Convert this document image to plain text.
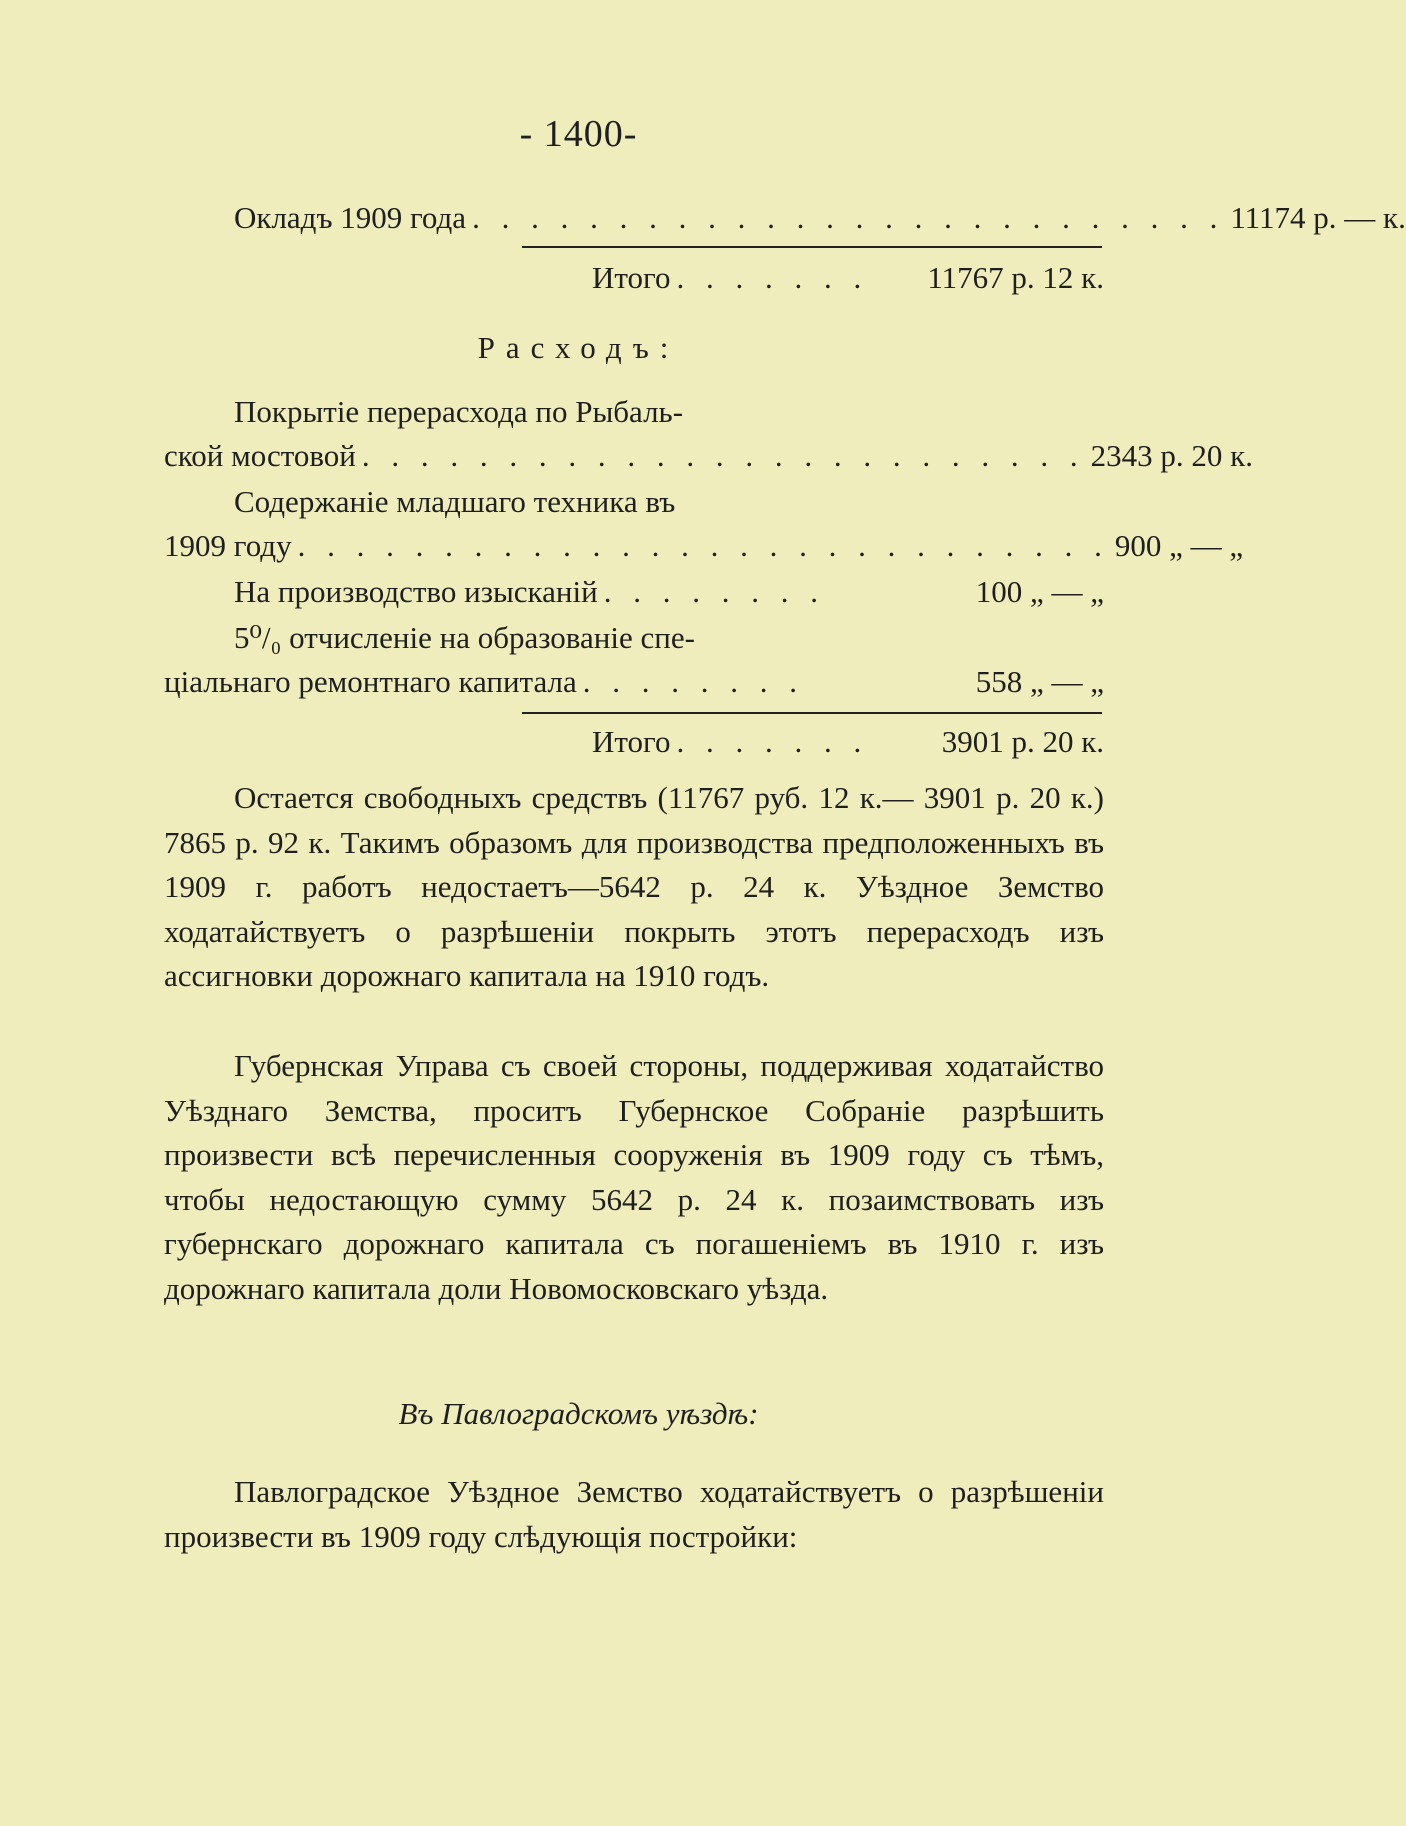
- 1400-
Окладъ 1909 года . . . . . . . . . . . . . . . . . . . . . . . . . . 11174 р. — к.
Итого . . . . . . .	11767 р. 12 к.
Расходъ:
Покрытіе перерасхода по Рыбаль-
ской мостовой . . . . . . . . . . . . . . . . . . . . . . . . . 2343 р. 20 к.
Содержаніе младшаго техника въ
1909 году . . . . . . . . . . . . . . . . . . . . . . . . . . . . 900 „ — „
На производство изысканій . . . . . . . .	100 „ — „
5⁰/₀ отчисленіе на образованіе спе-
ціальнаго ремонтнаго капитала . . . . . . . .	558 „ — „
Итого . . . . . . .	3901 р. 20 к.

Остается свободныхъ средствъ (11767 руб. 12 к.— 3901 р. 20 к.) 7865 р. 92 к. Такимъ образомъ для производства предположенныхъ въ 1909 г. работъ недостаетъ—5642 р. 24 к. Уѣздное Земство ходатайствуетъ о разрѣшеніи покрыть этотъ перерасходъ изъ ассигновки дорожнаго капитала на 1910 годъ.

Губернская Управа съ своей стороны, поддерживая ходатайство Уѣзднаго Земства, проситъ Губернское Собраніе разрѣшить произвести всѣ перечисленныя сооруженія въ 1909 году съ тѣмъ, чтобы недостающую сумму 5642 р. 24 к. позаимствовать изъ губернскаго дорожнаго капитала съ погашеніемъ въ 1910 г. изъ дорожнаго капитала доли Новомосковскаго уѣзда.

Въ Павлоградскомъ уѣздѣ:

Павлоградское Уѣздное Земство ходатайствуетъ о разрѣшеніи произвести въ 1909 году слѣдующія постройки:
